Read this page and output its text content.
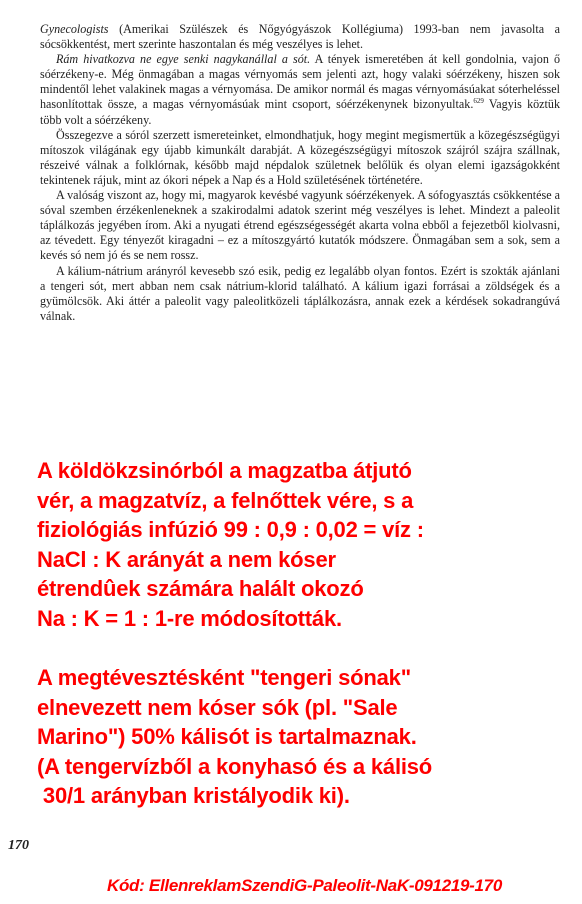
Gynecologists (Amerikai Szülészek és Nőgyógyászok Kollégiuma) 1993-ban nem javasolta a sócsökkentést, mert szerinte haszontalan és még veszélyes is lehet.

Rám hivatkozva ne egye senki nagykanállal a sót. A tények ismeretében át kell gondolnia, vajon ő sóérzékeny-e. Még önmagában a magas vérnyomás sem jelenti azt, hogy valaki sóérzékeny, hiszen sok mindentől lehet valakinek magas a vérnyomása. De amikor normál és magas vérnyomásúakat sóterheléssel hasonlítottak össze, a magas vérnyomásúak mint csoport, sóérzékenynek bizonyultak.$^{629}$ Vagyis köztük több volt a sóérzékeny.

Összegezve a sóról szerzett ismereteinket, elmondhatjuk, hogy megint megismertük a közegészségügyi mítoszok világának egy újabb kimunkált darabját. A közegészségügyi mítoszok szájról szájra szállnak, részeivé válnak a folklórnak, később majd népdalok születnek belőlük és olyan elemi igazságokként tekintenek rájuk, mint az ókori népek a Nap és a Hold születésének történetére.

A valóság viszont az, hogy mi, magyarok kevésbé vagyunk sóérzékenyek. A sófogyasztás csökkentése a sóval szemben érzékenleneknek a szakirodalmi adatok szerint még veszélyes is lehet. Mindezt a paleolit táplálkozás jegyében írom. Aki a nyugati étrend egészségességét akarta volna ebből a fejezetből kiolvasni, az tévedett. Egy tényezőt kiragadni – ez a mítoszgyártó kutatók módszere. Önmagában sem a sok, sem a kevés só nem jó és se nem rossz.

A kálium-nátrium arányról kevesebb szó esik, pedig ez legalább olyan fontos. Ezért is szokták ajánlani a tengeri sót, mert abban nem csak nátrium-klorid található. A kálium igazi forrásai a zöldségek és a gyümölcsök. Aki áttér a paleolit vagy paleolitközeli táplálkozásra, annak ezek a kérdések sokadrangúvá válnak.

A köldökzsinórból a magzatba átjutó
vér, a magzatvíz, a felnőttek vére, s a
fiziológiás infúzió 99 : 0,9 : 0,02 = víz :
NaCl : K arányát a nem kóser
étrendûek számára halált okozó
Na : K = 1 : 1-re módosították.
A megtévesztésként "tengeri sónak"
elnevezett nem kóser sók (pl. "Sale
Marino") 50% kálisót is tartalmaznak.
(A tengervízből a konyhasó és a kálisó
30/1 arányban kristályodik ki).
170
Kód: EllenreklamSzendiG-Paleolit-NaK-091219-170
